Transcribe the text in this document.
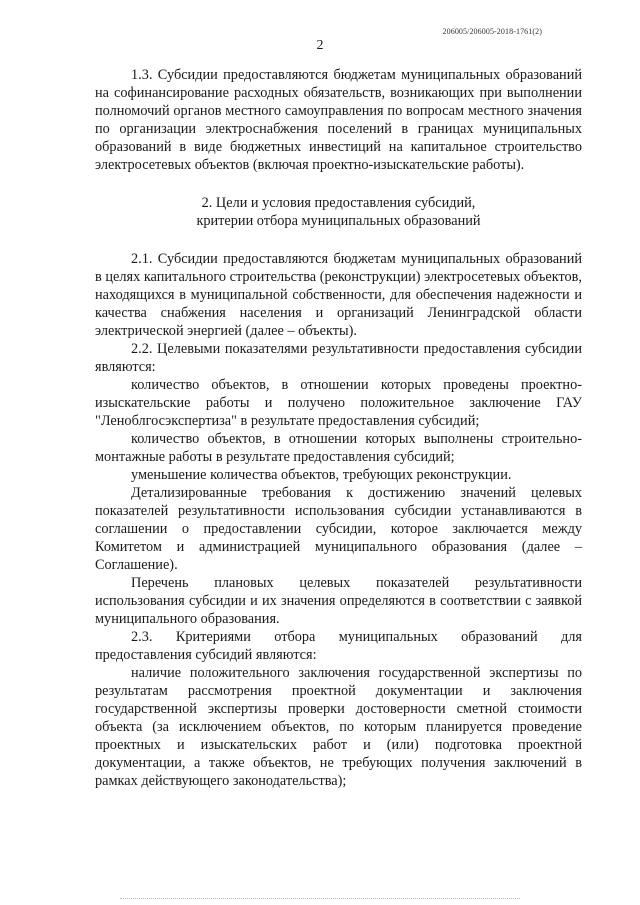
206005/206005-2018-1761(2)
2

1.3. Субсидии предоставляются бюджетам муниципальных образований на софинансирование расходных обязательств, возникающих при выполнении полномочий органов местного самоуправления по вопросам местного значения по организации электроснабжения поселений в границах муниципальных образований в виде бюджетных инвестиций на капитальное строительство электросетевых объектов (включая проектно-изыскательские работы).

2. Цели и условия предоставления субсидий,
критерии отбора муниципальных образований

2.1. Субсидии предоставляются бюджетам муниципальных образований в целях капитального строительства (реконструкции) электросетевых объектов, находящихся в муниципальной собственности, для обеспечения надежности и качества снабжения населения и организаций Ленинградской области электрической энергией (далее – объекты).

2.2. Целевыми показателями результативности предоставления субсидии являются:

количество объектов, в отношении которых проведены проектно-изыскательские работы и получено положительное заключение ГАУ "Леноблгосэкспертиза" в результате предоставления субсидий;

количество объектов, в отношении которых выполнены строительно-монтажные работы в результате предоставления субсидий;

уменьшение количества объектов, требующих реконструкции.

Детализированные требования к достижению значений целевых показателей результативности использования субсидии устанавливаются в соглашении о предоставлении субсидии, которое заключается между Комитетом и администрацией муниципального образования (далее – Соглашение).

Перечень плановых целевых показателей результативности использования субсидии и их значения определяются в соответствии с заявкой муниципального образования.

2.3. Критериями отбора муниципальных образований для предоставления субсидий являются:

наличие положительного заключения государственной экспертизы по результатам рассмотрения проектной документации и заключения государственной экспертизы проверки достоверности сметной стоимости объекта (за исключением объектов, по которым планируется проведение проектных и изыскательских работ и (или) подготовка проектной документации, а также объектов, не требующих получения заключений в рамках действующего законодательства);
